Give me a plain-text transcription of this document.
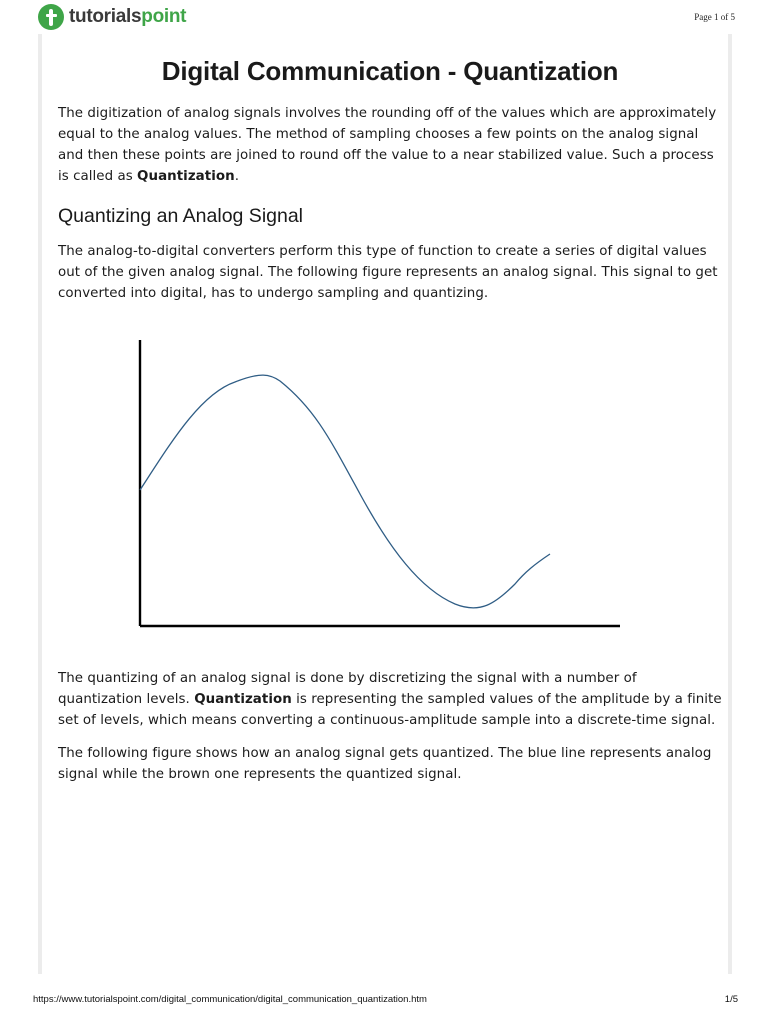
tutorialspoint	Page 1 of 5
Digital Communication - Quantization

The digitization of analog signals involves the rounding off of the values which are approximately equal to the analog values. The method of sampling chooses a few points on the analog signal and then these points are joined to round off the value to a near stabilized value. Such a process is called as Quantization.

Quantizing an Analog Signal

The analog-to-digital converters perform this type of function to create a series of digital values out of the given analog signal. The following figure represents an analog signal. This signal to get converted into digital, has to undergo sampling and quantizing.

The quantizing of an analog signal is done by discretizing the signal with a number of quantization levels. Quantization is representing the sampled values of the amplitude by a finite set of levels, which means converting a continuous-amplitude sample into a discrete-time signal.

The following figure shows how an analog signal gets quantized. The blue line represents analog signal while the brown one represents the quantized signal.

https://www.tutorialspoint.com/digital_communication/digital_communication_quantization.htm	1/5
